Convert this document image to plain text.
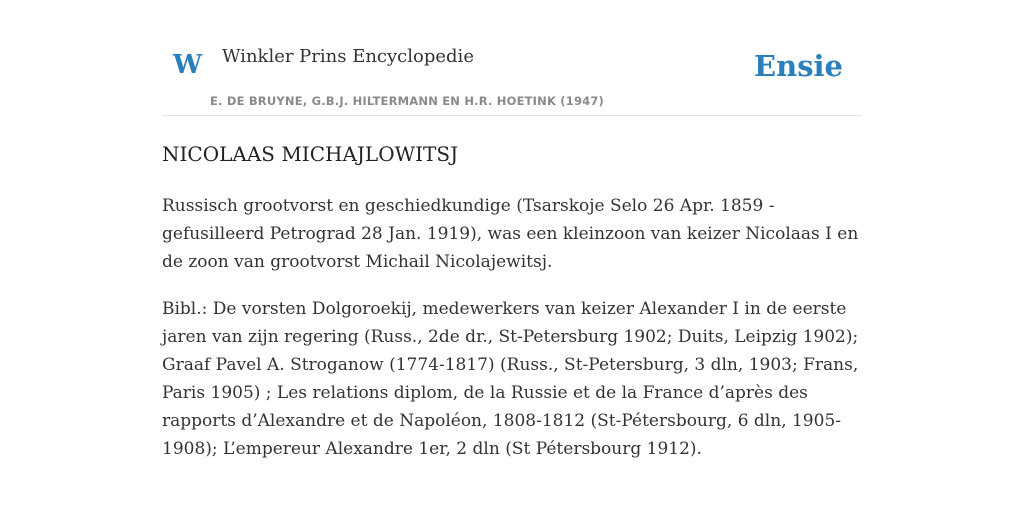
W Winkler Prins Encyclopedie
E. DE BRUYNE, G.B.J. HILTERMANN EN H.R. HOETINK (1947)
Ensie
NICOLAAS MICHAJLOWITSJ

Russisch grootvorst en geschiedkundige (Tsarskoje Selo 26 Apr. 1859 - gefusilleerd Petrograd 28 Jan. 1919), was een kleinzoon van keizer Nicolaas I en de zoon van grootvorst Michail Nicolajewitsj.

Bibl.: De vorsten Dolgoroekij, medewerkers van keizer Alexander I in de eerste jaren van zijn regering (Russ., 2de dr., St-Petersburg 1902; Duits, Leipzig 1902); Graaf Pavel A. Stroganow (1774-1817) (Russ., St-Petersburg, 3 dln, 1903; Frans, Paris 1905) ; Les relations diplom, de la Russie et de la France d’après des rapports d’Alexandre et de Napoléon, 1808-1812 (St-Pétersbourg, 6 dln, 1905-1908); L’empereur Alexandre 1er, 2 dln (St Pétersbourg 1912).
